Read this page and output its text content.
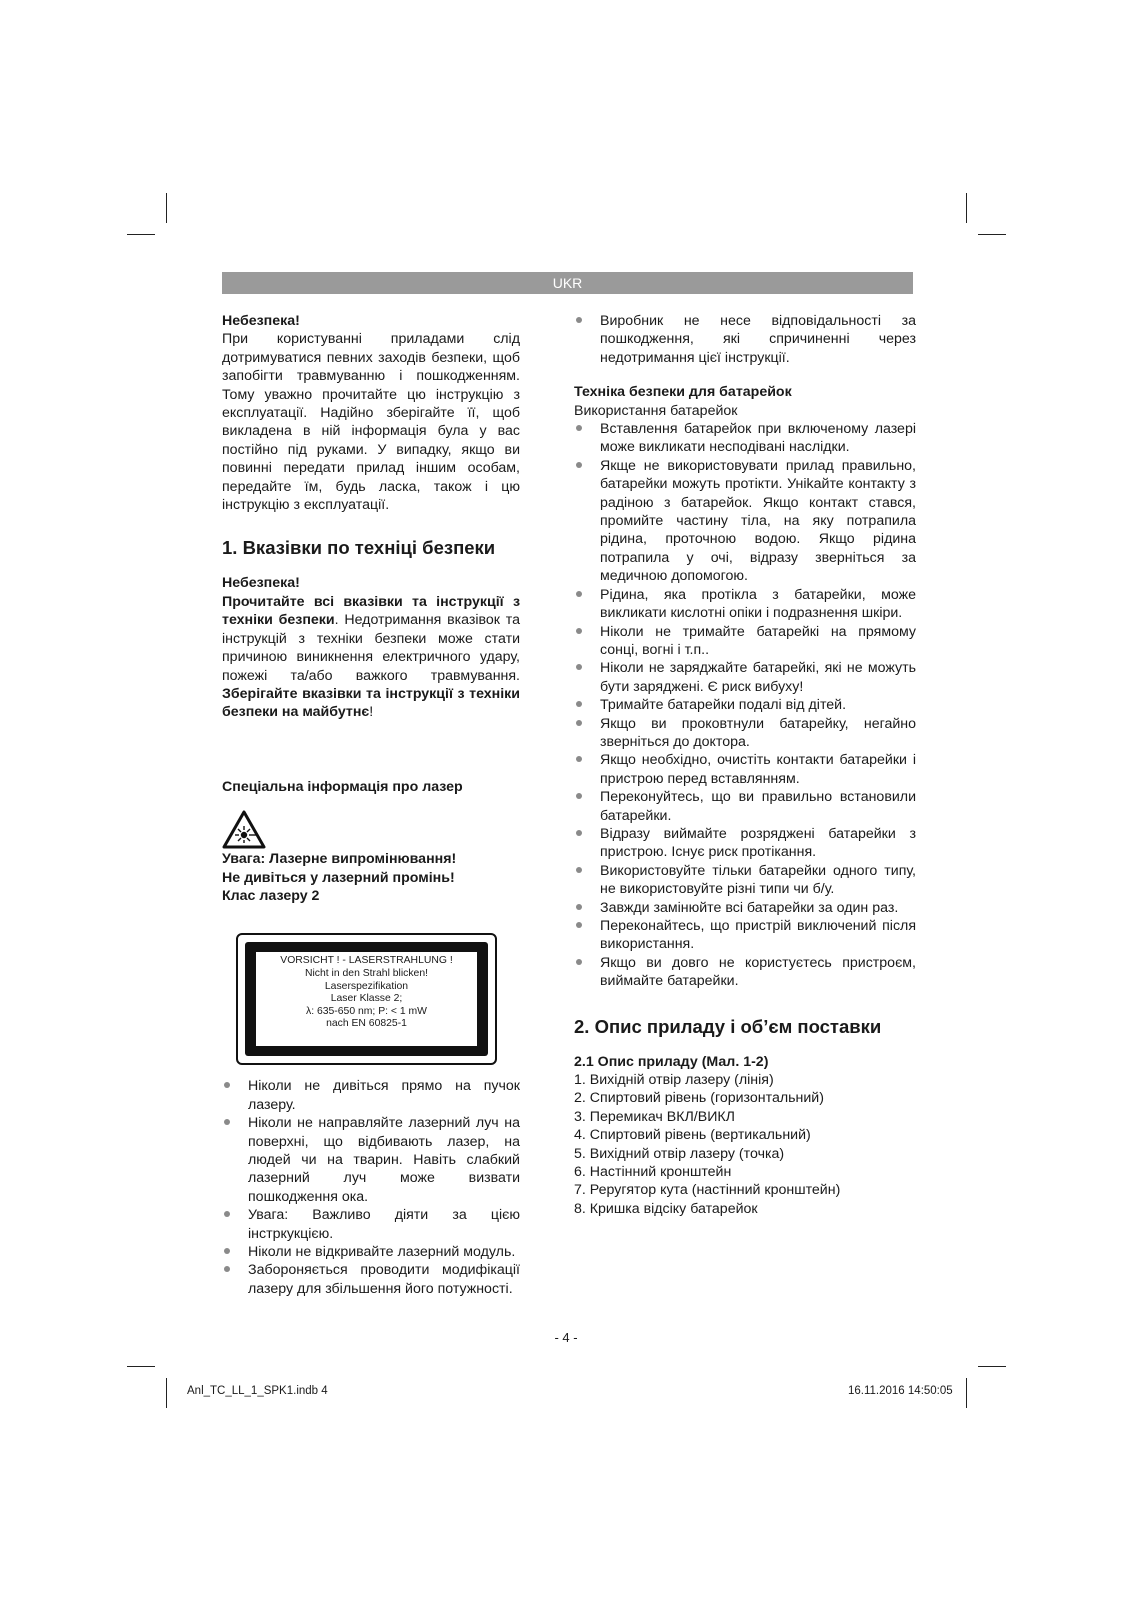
UKR

Небезпека!

При користуванні приладами слід дотримуватися певних заходів безпеки, щоб запобігти травмуванню і пошкодженням. Тому уважно прочитайте цю інструкцію з експлуатації. Надійно зберігайте її, щоб викладена в ній інформація була у вас постійно під руками. У випадку, якщо ви повинні передати прилад іншим особам, передайте їм, будь ласка, також і цю інструкцію з експлуатації.

1. Вказівки по техніці безпеки

Небезпека!

Прочитайте всі вказівки та інструкції з техніки безпеки. Недотримання вказівок та інструкцій з техніки безпеки може стати причиною виникнення електричного удару, пожежі та/або важкого травмування. Зберігайте вказівки та інструкції з техніки безпеки на майбутнє!

Спеціальна інформація про лазер

Увага: Лазерне випромінювання!

Не дивіться у лазерний промінь!

Клас лазеру 2

VORSICHT ! - LASERSTRAHLUNG !
Nicht in den Strahl blicken!
Laserspezifikation
Laser Klasse 2;
λ: 635-650 nm; P: < 1 mW
nach EN 60825-1
Ніколи не дивіться прямо на пучок лазеру.
Ніколи не направляйте лазерний луч на поверхні, що відбивають лазер, на людей чи на тварин. Навіть слабкий лазерний луч може визвати пошкодження ока.
Увага: Важливо діяти за цією інстркукцією.
Ніколи не відкривайте лазерний модуль.
Забороняється проводити модифікації лазеру для збільшення його потужності.
Виробник не несе відповідальності за пошкодження, які спричиненні через недотримання цієї інструкції.

Техніка безпеки для батарейок

Використання батарейок

Вставлення батарейок при включеному лазері може викликати несподівані наслідки.
Якще не використовувати прилад правильно, батарейки можуть протікти. Унikaйте контакту з радіною з батарейок. Якщо контакт стався, промийте частину тіла, на яку потрапила рідина, проточною водою. Якщо рідина потрапила у очі, відразу зверніться за медичною допомогою.
Рідина, яка протікла з батарейки, може викликати кислотні опіки і подразнення шкіри.
Ніколи не тримайте батарейкі на прямому сонці, вогні і т.п..
Ніколи не заряджайте батарейкі, які не можуть бути заряджені. Є риск вибуху!
Тримайте батарейки подалі від дітей.
Якщо ви проковтнули батарейку, негайно зверніться до доктора.
Якщо необхідно, очистіть контакти батарейки і пристрою перед вставлянням.
Переконуйтесь, що ви правильно встановили батарейки.
Відразу виймайте розряджені батарейки з пристрою. Існує риск протікання.
Використовуйте тільки батарейки одного типу, не використовуйте різні типи чи б/у.
Завжди замінюйте всі батарейки за один раз.
Переконайтесь, що пристрій виключений після використання.
Якщо ви довго не користуєтесь пристроєм, виймайте батарейки.
2. Опис приладу і об’єм поставки

2.1 Опис приладу (Мал. 1-2)

1. Вихідній отвір лазеру (лінія)

2. Спиртовий рівень (горизонтальний)

3. Перемикач ВКЛ/ВИКЛ

4. Спиртовий рівень (вертикальний)

5. Вихідний отвір лазеру (точка)

6. Настінний кронштейн

7. Реругятор кута (настінний кронштейн)

8. Кришка відсіку батарейок

- 4 -
Anl_TC_LL_1_SPK1.indb 4	16.11.2016 14:50:05
